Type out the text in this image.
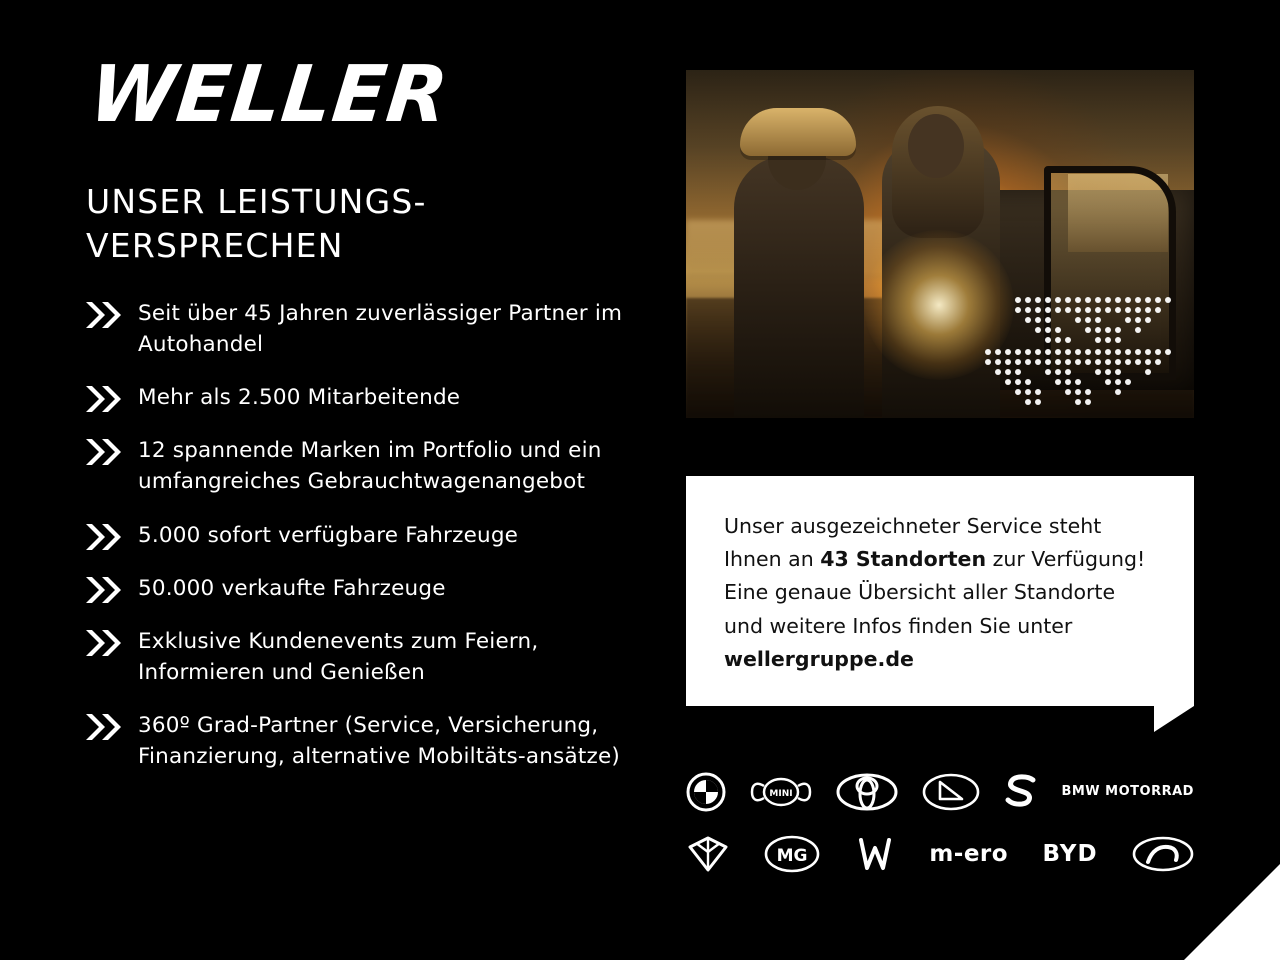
WELLER
UNSER LEISTUNGS-
VERSPRECHEN
Seit über 45 Jahren zuverlässiger Partner im Autohandel
Mehr als 2.500 Mitarbeitende
12 spannende Marken im Portfolio und ein umfangreiches Gebrauchtwagenangebot
5.000 sofort verfügbare Fahrzeuge
50.000 verkaufte Fahrzeuge
Exklusive Kundenevents zum Feiern, Informieren und Genießen
360º Grad-Partner (Service, Versicherung, Finanzierung, alternative Mobiltäts-ansätze)

Unser ausgezeichneter Service steht Ihnen an 43 Standorten zur Verfügung! Eine genaue Übersicht aller Standorte und weitere Infos finden Sie unter wellergruppe.de

MINI	BMW MOTORRAD
MG	m-ero BYD
